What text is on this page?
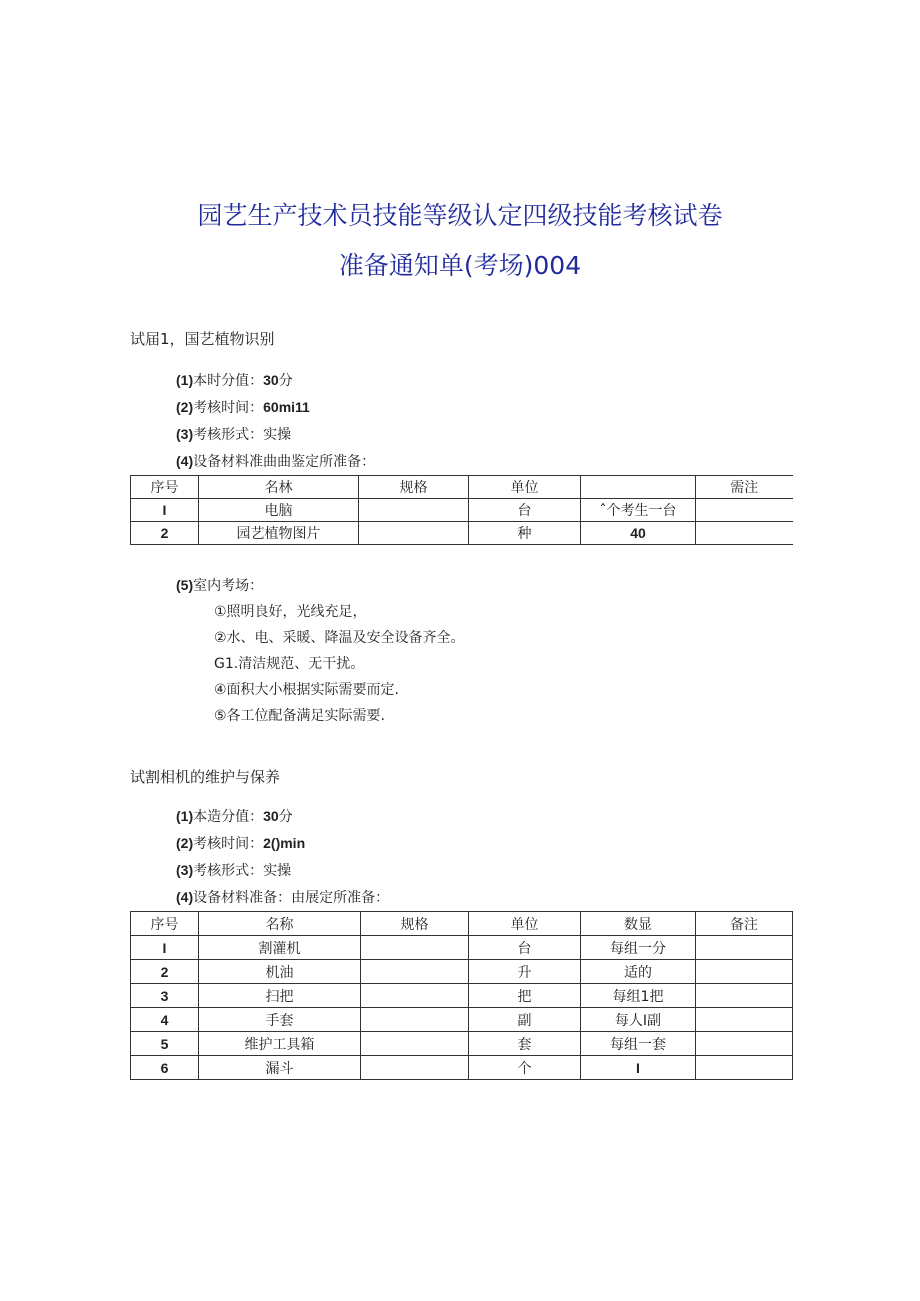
园艺生产技术员技能等级认定四级技能考核试卷
准备通知单(考场)004
试届1，国艺植物识别
(1)本时分值：30分
(2)考核时间：60mi11
(3)考核形式：实操
(4)设备材料准曲曲鉴定所准备：
序号	名林	规格	单位		需注
I	电脑		台	ˆ个考生一台	
2	园艺植物图片		种	40	
(5)室内考场：
①照明良好，光线充足，
②水、电、采暖、降温及安全设备齐全。
G1.清洁规范、无干扰。
④面积大小根据实际需要而定.
⑤各工位配备满足实际需要.
试割相机的维护与保养
(1)本造分值：30分
(2)考核时间：2()min
(3)考核形式：实操
(4)设备材料准备：由展定所准备：
序号	名称	规格	单位	数显	备注
I	割灌机		台	每组一分	
2	机油		升	适的	
3	扫把		把	每组1把	
4	手套		副	每人I副	
5	维护工具箱		套	每组一套	
6	漏斗		个	I	
